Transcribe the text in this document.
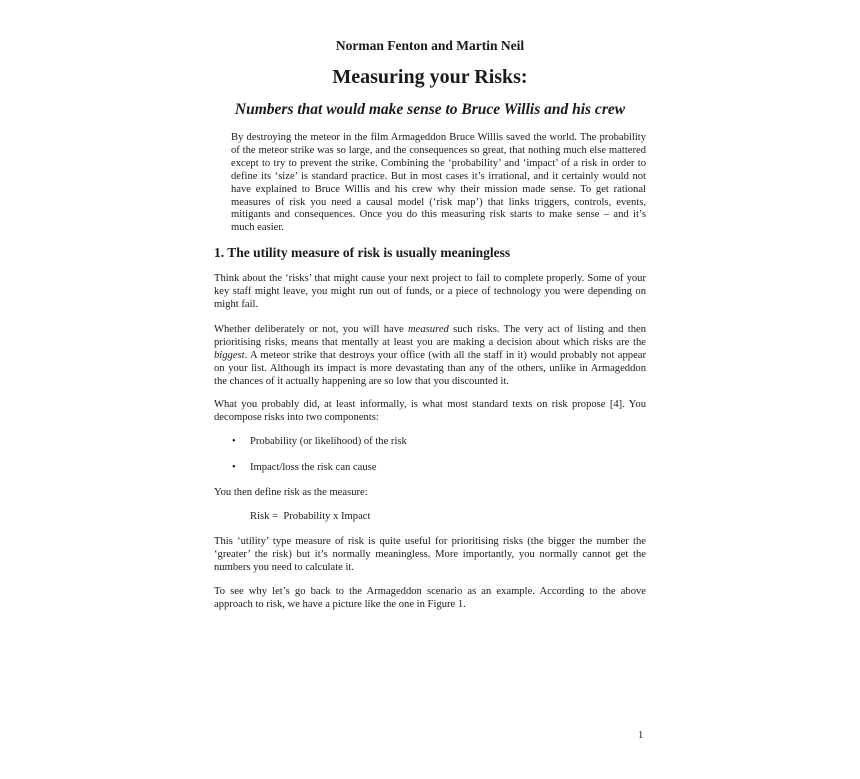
Norman Fenton and Martin Neil
Measuring your Risks:
Numbers that would make sense to Bruce Willis and his crew

By destroying the meteor in the film Armageddon Bruce Willis saved the world. The probability of the meteor strike was so large, and the consequences so great, that nothing much else mattered except to try to prevent the strike. Combining the ‘probability’ and ‘impact’ of a risk in order to define its ‘size’ is standard practice. But in most cases it’s irrational, and it certainly would not have explained to Bruce Willis and his crew why their mission made sense. To get rational measures of risk you need a causal model (‘risk map’) that links triggers, controls, events, mitigants and consequences. Once you do this measuring risk starts to make sense – and it’s much easier.

1. The utility measure of risk is usually meaningless

Think about the ‘risks’ that might cause your next project to fail to complete properly. Some of your key staff might leave, you might run out of funds, or a piece of technology you were depending on might fail.

Whether deliberately or not, you will have measured such risks. The very act of listing and then prioritising risks, means that mentally at least you are making a decision about which risks are the biggest. A meteor strike that destroys your office (with all the staff in it) would probably not appear on your list. Although its impact is more devastating than any of the others, unlike in Armageddon the chances of it actually happening are so low that you discounted it.

What you probably did, at least informally, is what most standard texts on risk propose [4]. You decompose risks into two components:

• Probability (or likelihood) of the risk
• Impact/loss the risk can cause

You then define risk as the measure:

Risk =  Probability x Impact

This ‘utility’ type measure of risk is quite useful for prioritising risks (the bigger the number the ‘greater’ the risk) but it’s normally meaningless. More importantly, you normally cannot get the numbers you need to calculate it.

To see why let’s go back to the Armageddon scenario as an example. According to the above approach to risk, we have a picture like the one in Figure 1.

1
